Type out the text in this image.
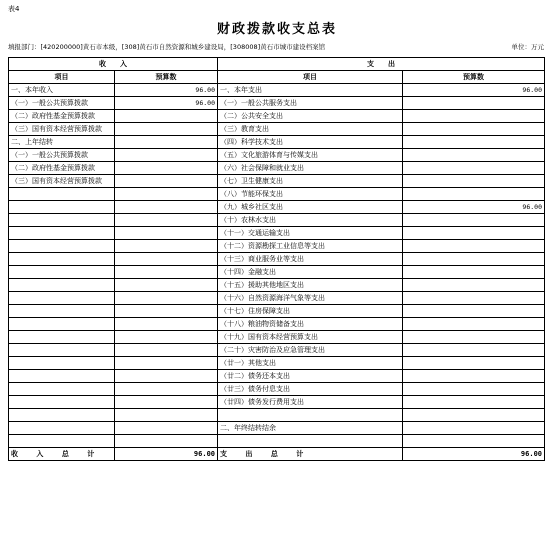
表4
财政拨款收支总表
填报部门：[420200000]黄石市本级，[308]黄石市自然资源和城乡建设局，[308008]黄石市城市建设档案馆	单位：万元
收　　入		支　　出	
项目	预算数	项目	预算数
一、本年收入	96.00	一、本年支出	96.00
（一）一般公共预算拨款	96.00	（一）一般公共服务支出	
（二）政府性基金预算拨款		（二）公共安全支出	
（三）国有资本经营预算拨款		（三）教育支出	
二、上年结转		（四）科学技术支出	
（一）一般公共预算拨款		（五）文化旅游体育与传媒支出	
（二）政府性基金预算拨款		（六）社会保障和就业支出	
（三）国有资本经营预算拨款		（七）卫生健康支出	
		（八）节能环保支出	
		（九）城乡社区支出	96.00
		（十）农林水支出	
		（十一）交通运输支出	
		（十二）资源勘探工业信息等支出	
		（十三）商业服务业等支出	
		（十四）金融支出	
		（十五）援助其他地区支出	
		（十六）自然资源海洋气象等支出	
		（十七）住房保障支出	
		（十八）粮油物资储备支出	
		（十九）国有资本经营预算支出	
		（二十）灾害防治及应急管理支出	
		（廿一）其他支出	
		（廿二）债务还本支出	
		（廿三）债务付息支出	
		（廿四）债务发行费用支出	

		二、年终结转结余	

收 入 总 计	96.00	支 出 总 计	96.00
